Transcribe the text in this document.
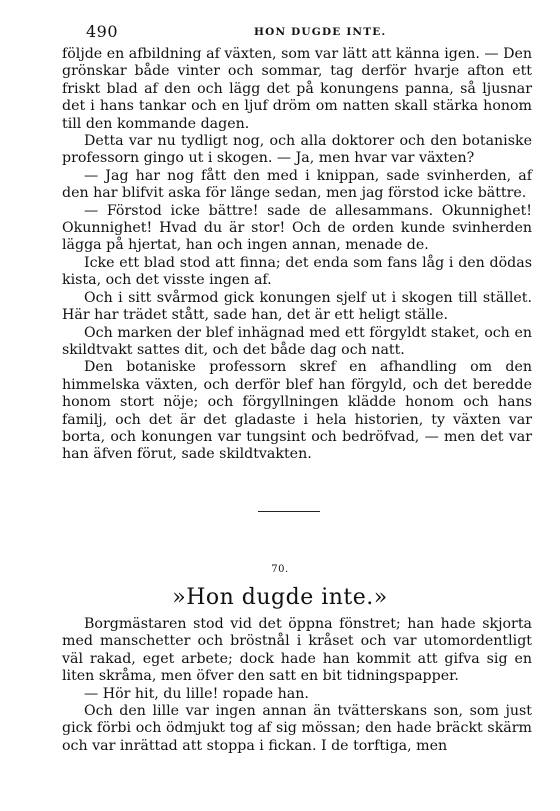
490	HON DUGDE INTE.

följde en afbildning af växten, som var lätt att känna igen. — Den grönskar både vinter och sommar, tag derför hvarje afton ett friskt blad af den och lägg det på konungens panna, så ljusnar det i hans tankar och en ljuf dröm om natten skall stärka honom till den kommande dagen.

Detta var nu tydligt nog, och alla doktorer och den botaniske professorn gingo ut i skogen. — Ja, men hvar var växten?

— Jag har nog fått den med i knippan, sade svinherden, af den har blifvit aska för länge sedan, men jag förstod icke bättre.

— Förstod icke bättre! sade de allesammans. Okunnighet! Okunnighet! Hvad du är stor! Och de orden kunde svinherden lägga på hjertat, han och ingen annan, menade de.

Icke ett blad stod att finna; det enda som fans låg i den dödas kista, och det visste ingen af.

Och i sitt svårmod gick konungen sjelf ut i skogen till stället. Här har trädet stått, sade han, det är ett heligt ställe.

Och marken der blef inhägnad med ett förgyldt staket, och en skildtvakt sattes dit, och det både dag och natt.

Den botaniske professorn skref en afhandling om den himmelska växten, och derför blef han förgyld, och det beredde honom stort nöje; och förgyllningen klädde honom och hans familj, och det är det gladaste i hela historien, ty växten var borta, och konungen var tungsint och bedröfvad, — men det var han äfven förut, sade skildtvakten.

70.
»Hon dugde inte.»

Borgmästaren stod vid det öppna fönstret; han hade skjorta med manschetter och bröstnål i kråset och var utomordentligt väl rakad, eget arbete; dock hade han kommit att gifva sig en liten skråma, men öfver den satt en bit tidningspapper.

— Hör hit, du lille! ropade han.

Och den lille var ingen annan än tvätterskans son, som just gick förbi och ödmjukt tog af sig mössan; den hade bräckt skärm och var inrättad att stoppa i fickan. I de torftiga, men
